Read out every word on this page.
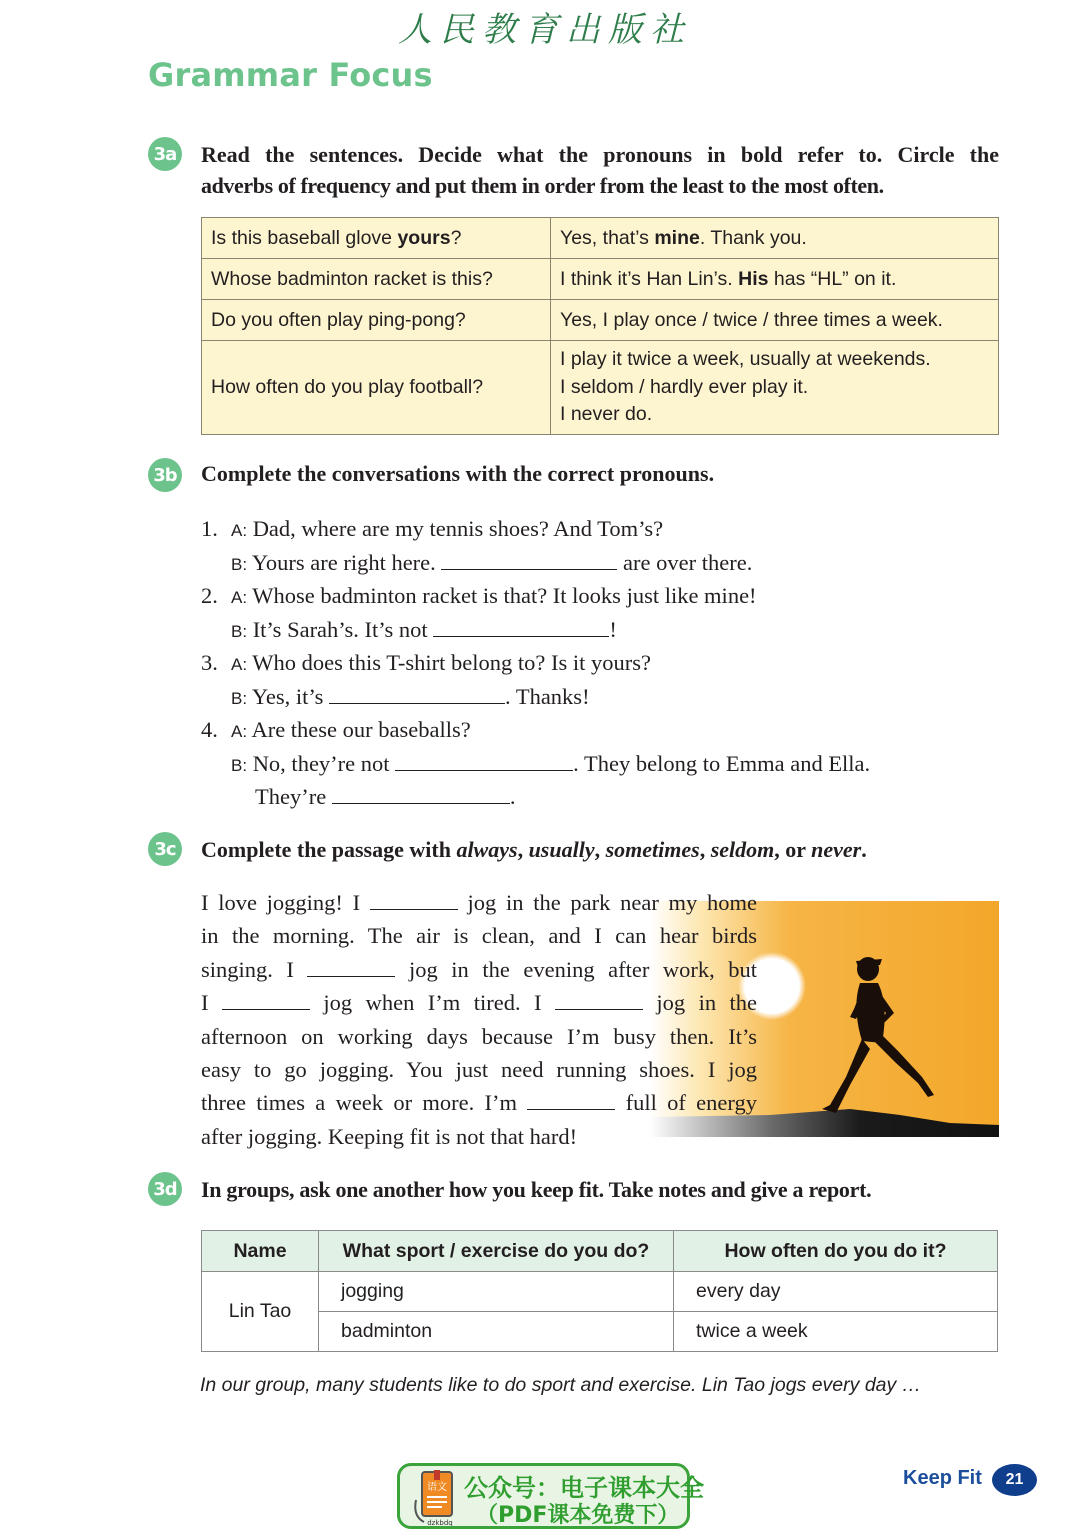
人民教育出版社
Grammar Focus
3a Read the sentences. Decide what the pronouns in bold refer to. Circle the
adverbs of frequency and put them in order from the least to the most often.
Is this baseball glove yours?	Yes, that’s mine. Thank you.
Whose badminton racket is this?	I think it’s Han Lin’s. His has “HL” on it.
Do you often play ping-pong?	Yes, I play once / twice / three times a week.
How often do you play football?	I play it twice a week, usually at weekends.
I seldom / hardly ever play it.
I never do.
3b Complete the conversations with the correct pronouns.
1. A: Dad, where are my tennis shoes? And Tom’s?
B: Yours are right here.	are over there.
2. A: Whose badminton racket is that? It looks just like mine!
B: It’s Sarah’s. It’s not	!
3. A: Who does this T-shirt belong to? Is it yours?
B: Yes, it’s	. Thanks!
4. A: Are these our baseballs?
B: No, they’re not	. They belong to Emma and Ella.
They’re	.
3c Complete the passage with always, usually, sometimes, seldom, or never.
I love jogging! I	jog in the park near my home
in the morning. The air is clean, and I can hear birds
singing. I	jog in the evening after work, but
I	jog when I’m tired. I	jog in the
afternoon on working days because I’m busy then. It’s
easy to go jogging. You just need running shoes. I jog
three times a week or more. I’m	full of energy
after jogging. Keeping fit is not that hard!
3d In groups, ask one another how you keep fit. Take notes and give a report.
Name	What sport / exercise do you do?	How often do you do it?
Lin Tao	jogging	every day
	badminton	twice a week
In our group, many students like to do sport and exercise. Lin Tao jogs every day …
语文
dzkbdq
公众号：电子课本大全
（PDF课本免费下）
Keep Fit	21
